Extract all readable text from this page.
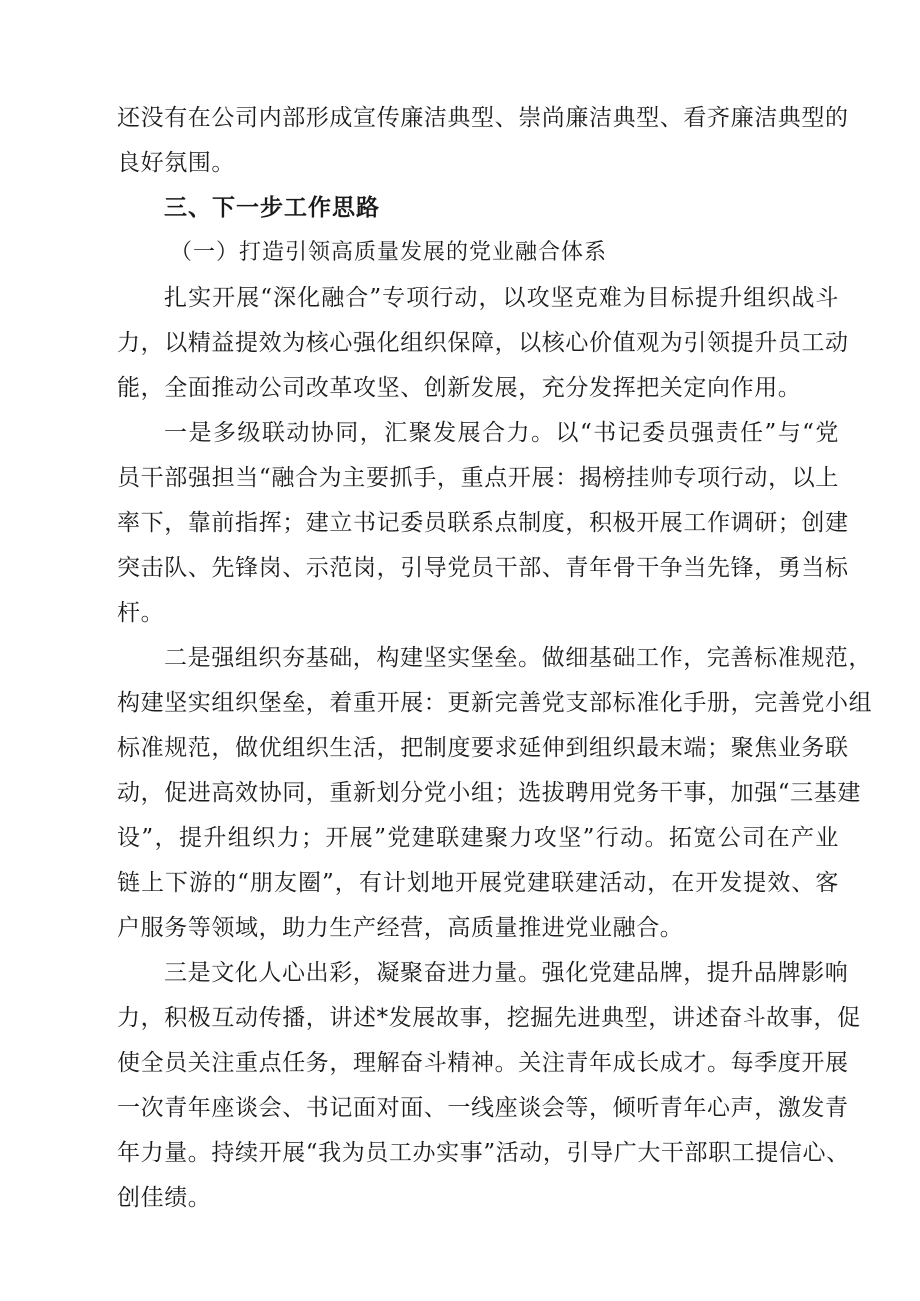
还没有在公司内部形成宣传廉洁典型、崇尚廉洁典型、看齐廉洁典型的
良好氛围。
三、下一步工作思路
（一）打造引领高质量发展的党业融合体系
扎实开展“深化融合”专项行动，以攻坚克难为目标提升组织战斗
力，以精益提效为核心强化组织保障，以核心价值观为引领提升员工动
能，全面推动公司改革攻坚、创新发展，充分发挥把关定向作用。
一是多级联动协同，汇聚发展合力。以“书记委员强责任”与“党
员干部强担当“融合为主要抓手，重点开展：揭榜挂帅专项行动，以上
率下，靠前指挥；建立书记委员联系点制度，积极开展工作调研；创建
突击队、先锋岗、示范岗，引导党员干部、青年骨干争当先锋，勇当标
杆。
二是强组织夯基础，构建坚实堡垒。做细基础工作，完善标准规范，
构建坚实组织堡垒，着重开展：更新完善党支部标准化手册，完善党小组
标准规范，做优组织生活，把制度要求延伸到组织最末端；聚焦业务联
动，促进高效协同，重新划分党小组；选拔聘用党务干事，加强“三基建
设”，提升组织力；开展”党建联建聚力攻坚”行动。拓宽公司在产业
链上下游的“朋友圈”，有计划地开展党建联建活动，在开发提效、客
户服务等领域，助力生产经营，高质量推进党业融合。
三是文化人心出彩，凝聚奋进力量。强化党建品牌，提升品牌影响
力，积极互动传播，讲述*发展故事，挖掘先进典型，讲述奋斗故事，促
使全员关注重点任务，理解奋斗精神。关注青年成长成才。每季度开展
一次青年座谈会、书记面对面、一线座谈会等，倾听青年心声，激发青
年力量。持续开展“我为员工办实事”活动，引导广大干部职工提信心、
创佳绩。
